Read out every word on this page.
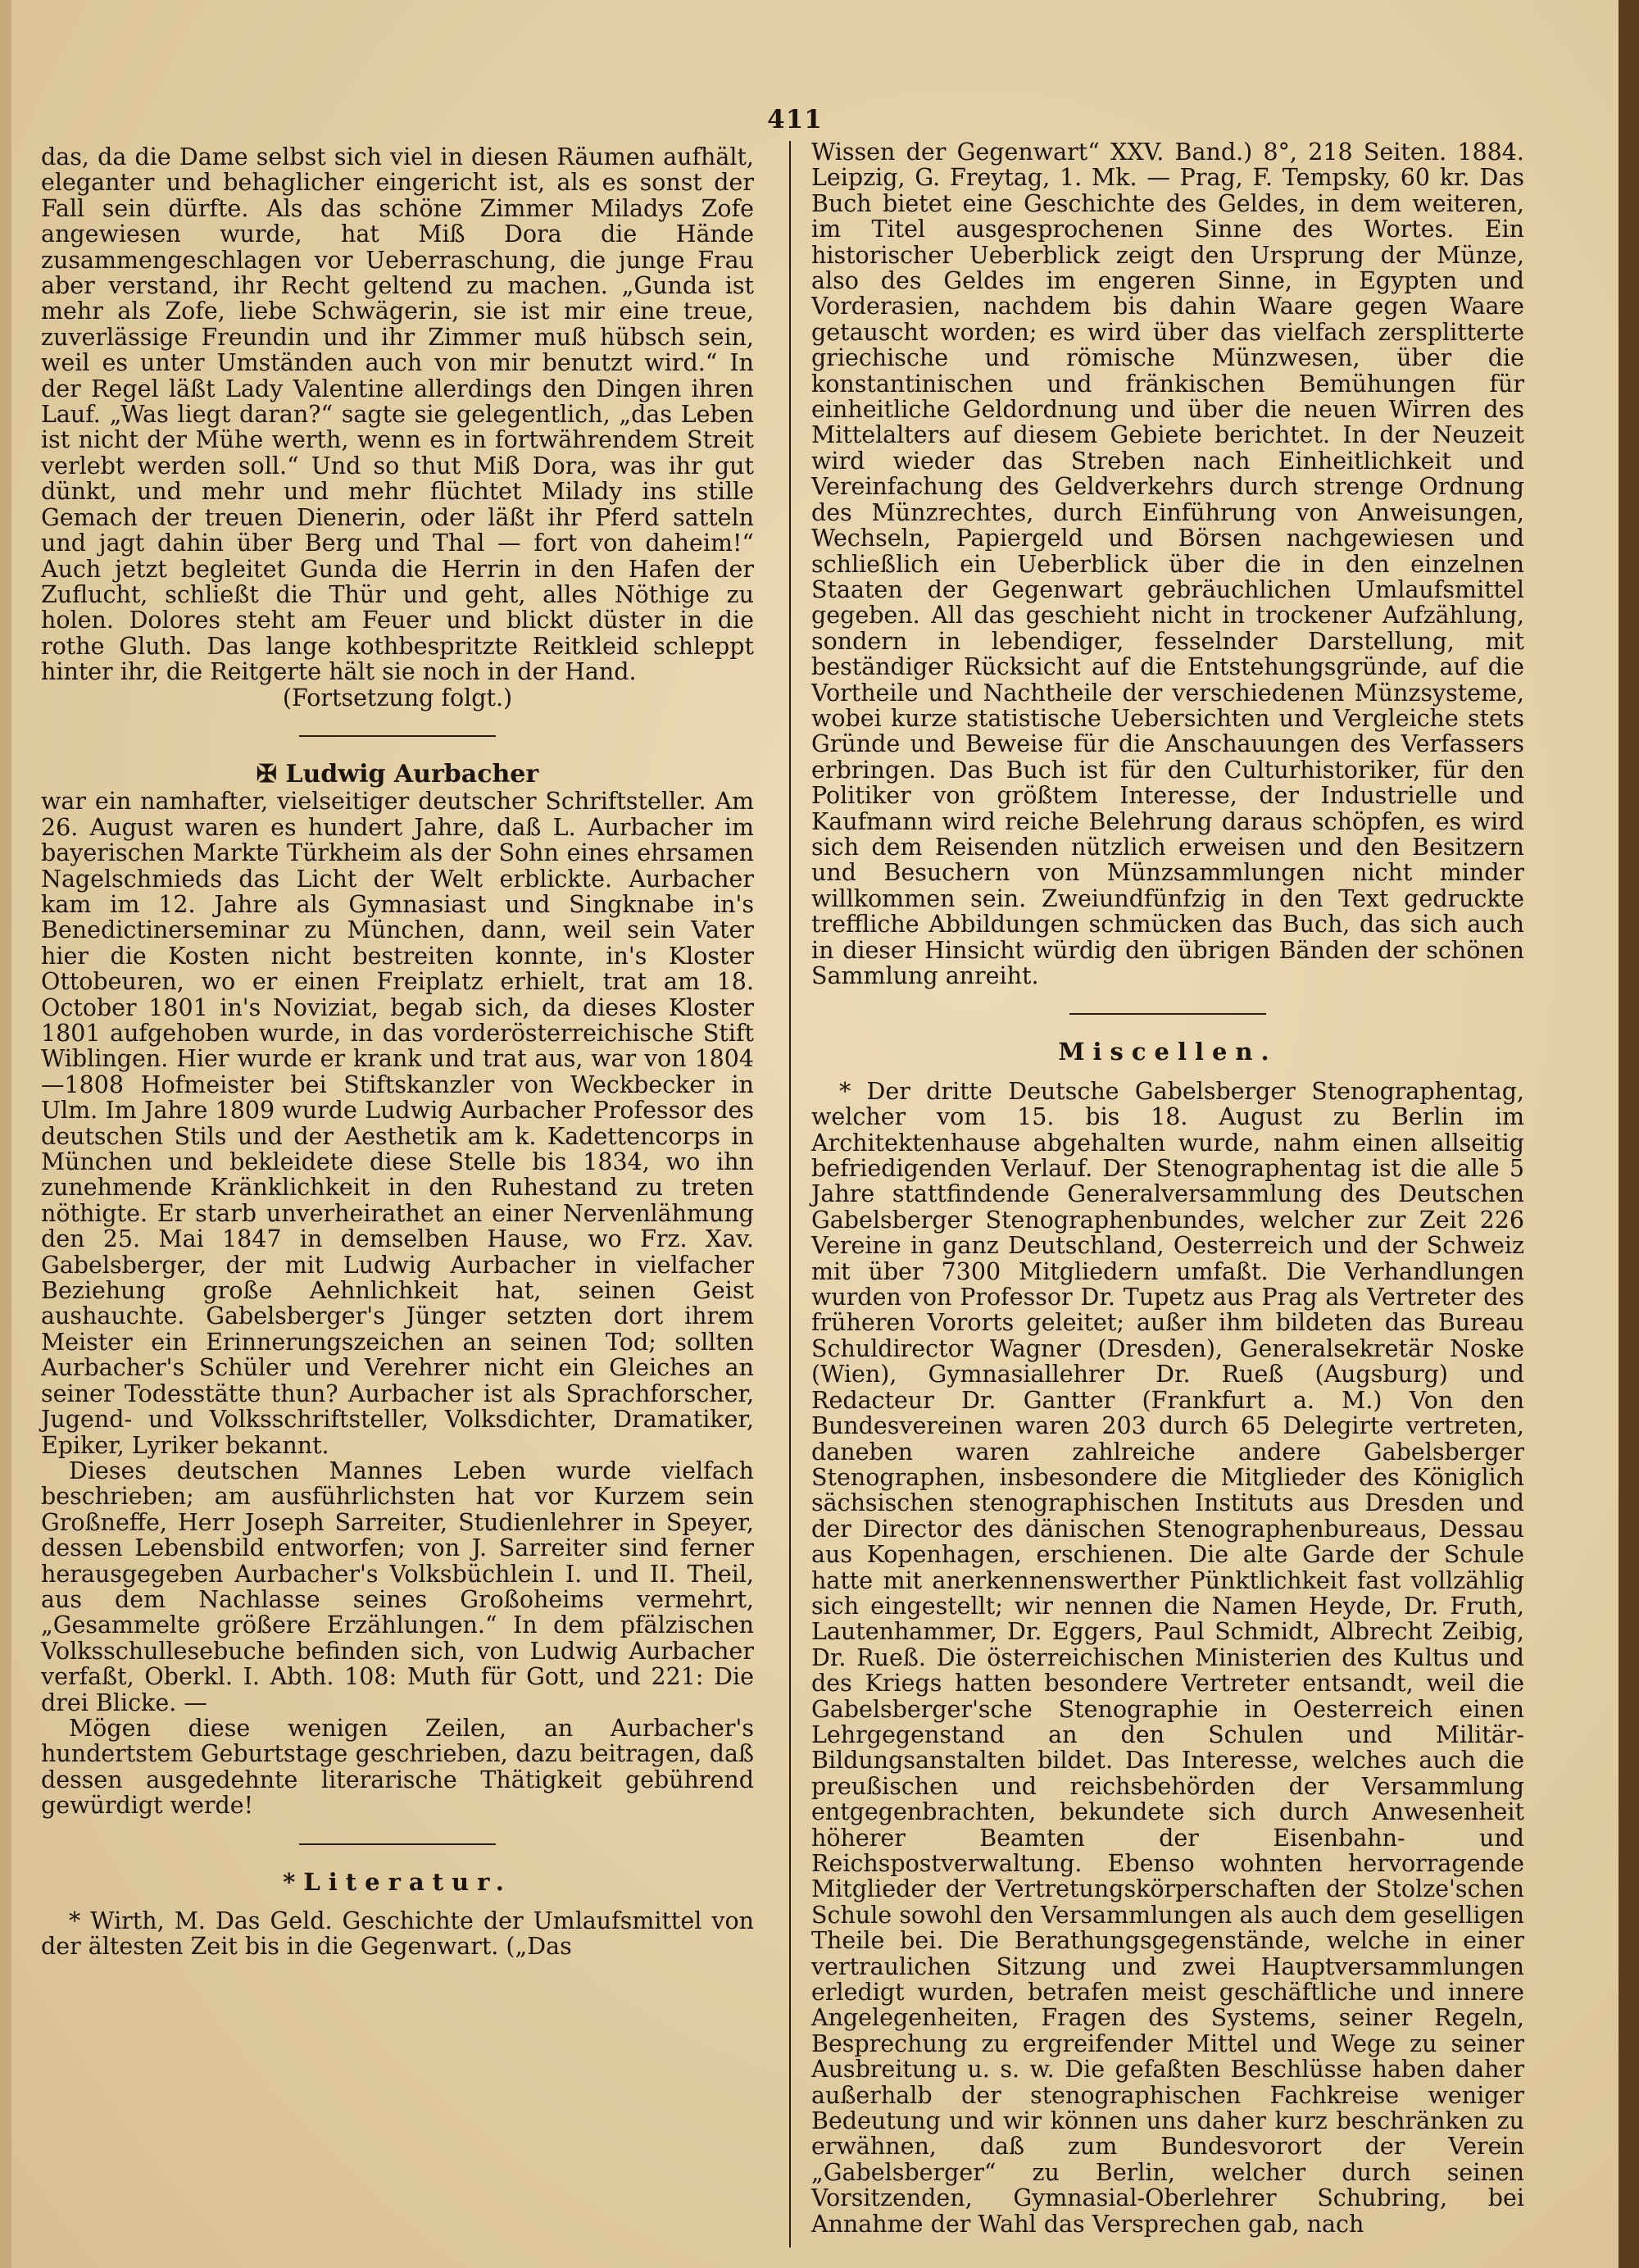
411

das, da die Dame selbst sich viel in diesen Räumen aufhält, eleganter und behaglicher eingericht ist, als es sonst der Fall sein dürfte. Als das schöne Zimmer Miladys Zofe angewiesen wurde, hat Miß Dora die Hände zusammengeschlagen vor Ueberraschung, die junge Frau aber verstand, ihr Recht geltend zu machen. „Gunda ist mehr als Zofe, liebe Schwägerin, sie ist mir eine treue, zuverlässige Freundin und ihr Zimmer muß hübsch sein, weil es unter Umständen auch von mir benutzt wird.“ In der Regel läßt Lady Valentine allerdings den Dingen ihren Lauf. „Was liegt daran?“ sagte sie gelegentlich, „das Leben ist nicht der Mühe werth, wenn es in fortwährendem Streit verlebt werden soll.“ Und so thut Miß Dora, was ihr gut dünkt, und mehr und mehr flüchtet Milady ins stille Gemach der treuen Dienerin, oder läßt ihr Pferd satteln und jagt dahin über Berg und Thal — fort von daheim!“ Auch jetzt begleitet Gunda die Herrin in den Hafen der Zuflucht, schließt die Thür und geht, alles Nöthige zu holen. Dolores steht am Feuer und blickt düster in die rothe Gluth. Das lange kothbespritzte Reitkleid schleppt hinter ihr, die Reitgerte hält sie noch in der Hand.

(Fortsetzung folgt.)

✠ Ludwig Aurbacher

war ein namhafter, vielseitiger deutscher Schriftsteller. Am 26. August waren es hundert Jahre, daß L. Aurbacher im bayerischen Markte Türkheim als der Sohn eines ehrsamen Nagelschmieds das Licht der Welt erblickte. Aurbacher kam im 12. Jahre als Gymnasiast und Singknabe in's Benedictinerseminar zu München, dann, weil sein Vater hier die Kosten nicht bestreiten konnte, in's Kloster Ottobeuren, wo er einen Freiplatz erhielt, trat am 18. October 1801 in's Noviziat, begab sich, da dieses Kloster 1801 aufgehoben wurde, in das vorderösterreichische Stift Wiblingen. Hier wurde er krank und trat aus, war von 1804—1808 Hofmeister bei Stiftskanzler von Weckbecker in Ulm. Im Jahre 1809 wurde Ludwig Aurbacher Professor des deutschen Stils und der Aesthetik am k. Kadettencorps in München und bekleidete diese Stelle bis 1834, wo ihn zunehmende Kränklichkeit in den Ruhestand zu treten nöthigte. Er starb unverheirathet an einer Nervenlähmung den 25. Mai 1847 in demselben Hause, wo Frz. Xav. Gabelsberger, der mit Ludwig Aurbacher in vielfacher Beziehung große Aehnlichkeit hat, seinen Geist aushauchte. Gabelsberger's Jünger setzten dort ihrem Meister ein Erinnerungszeichen an seinen Tod; sollten Aurbacher's Schüler und Verehrer nicht ein Gleiches an seiner Todesstätte thun? Aurbacher ist als Sprachforscher, Jugend- und Volksschriftsteller, Volksdichter, Dramatiker, Epiker, Lyriker bekannt.

Dieses deutschen Mannes Leben wurde vielfach beschrieben; am ausführlichsten hat vor Kurzem sein Großneffe, Herr Joseph Sarreiter, Studienlehrer in Speyer, dessen Lebensbild entworfen; von J. Sarreiter sind ferner herausgegeben Aurbacher's Volksbüchlein I. und II. Theil, aus dem Nachlasse seines Großoheims vermehrt, „Gesammelte größere Erzählungen.“ In dem pfälzischen Volksschullesebuche befinden sich, von Ludwig Aurbacher verfaßt, Oberkl. I. Abth. 108: Muth für Gott, und 221: Die drei Blicke. —

Mögen diese wenigen Zeilen, an Aurbacher's hundertstem Geburtstage geschrieben, dazu beitragen, daß dessen ausgedehnte literarische Thätigkeit gebührend gewürdigt werde!

*Literatur.

* Wirth, M. Das Geld. Geschichte der Umlaufsmittel von der ältesten Zeit bis in die Gegenwart. („Das

Wissen der Gegenwart“ XXV. Band.) 8°, 218 Seiten. 1884. Leipzig, G. Freytag, 1. Mk. — Prag, F. Tempsky, 60 kr. Das Buch bietet eine Geschichte des Geldes, in dem weiteren, im Titel ausgesprochenen Sinne des Wortes. Ein historischer Ueberblick zeigt den Ursprung der Münze, also des Geldes im engeren Sinne, in Egypten und Vorderasien, nachdem bis dahin Waare gegen Waare getauscht worden; es wird über das vielfach zersplitterte griechische und römische Münzwesen, über die konstantinischen und fränkischen Bemühungen für einheitliche Geldordnung und über die neuen Wirren des Mittelalters auf diesem Gebiete berichtet. In der Neuzeit wird wieder das Streben nach Einheitlichkeit und Vereinfachung des Geldverkehrs durch strenge Ordnung des Münzrechtes, durch Einführung von Anweisungen, Wechseln, Papiergeld und Börsen nachgewiesen und schließlich ein Ueberblick über die in den einzelnen Staaten der Gegenwart gebräuchlichen Umlaufsmittel gegeben. All das geschieht nicht in trockener Aufzählung, sondern in lebendiger, fesselnder Darstellung, mit beständiger Rücksicht auf die Entstehungsgründe, auf die Vortheile und Nachtheile der verschiedenen Münzsysteme, wobei kurze statistische Uebersichten und Vergleiche stets Gründe und Beweise für die Anschauungen des Verfassers erbringen. Das Buch ist für den Culturhistoriker, für den Politiker von größtem Interesse, der Industrielle und Kaufmann wird reiche Belehrung daraus schöpfen, es wird sich dem Reisenden nützlich erweisen und den Besitzern und Besuchern von Münzsammlungen nicht minder willkommen sein. Zweiundfünfzig in den Text gedruckte treffliche Abbildungen schmücken das Buch, das sich auch in dieser Hinsicht würdig den übrigen Bänden der schönen Sammlung anreiht.

Miscellen.

* Der dritte Deutsche Gabelsberger Stenographentag, welcher vom 15. bis 18. August zu Berlin im Architektenhause abgehalten wurde, nahm einen allseitig befriedigenden Verlauf. Der Stenographentag ist die alle 5 Jahre stattfindende Generalversammlung des Deutschen Gabelsberger Stenographenbundes, welcher zur Zeit 226 Vereine in ganz Deutschland, Oesterreich und der Schweiz mit über 7300 Mitgliedern umfaßt. Die Verhandlungen wurden von Professor Dr. Tupetz aus Prag als Vertreter des früheren Vororts geleitet; außer ihm bildeten das Bureau Schuldirector Wagner (Dresden), Generalsekretär Noske (Wien), Gymnasiallehrer Dr. Rueß (Augsburg) und Redacteur Dr. Gantter (Frankfurt a. M.) Von den Bundesvereinen waren 203 durch 65 Delegirte vertreten, daneben waren zahlreiche andere Gabelsberger Stenographen, insbesondere die Mitglieder des Königlich sächsischen stenographischen Instituts aus Dresden und der Director des dänischen Stenographenbureaus, Dessau aus Kopenhagen, erschienen. Die alte Garde der Schule hatte mit anerkennenswerther Pünktlichkeit fast vollzählig sich eingestellt; wir nennen die Namen Heyde, Dr. Fruth, Lautenhammer, Dr. Eggers, Paul Schmidt, Albrecht Zeibig, Dr. Rueß. Die österreichischen Ministerien des Kultus und des Kriegs hatten besondere Vertreter entsandt, weil die Gabelsberger'sche Stenographie in Oesterreich einen Lehrgegenstand an den Schulen und Militär-Bildungsanstalten bildet. Das Interesse, welches auch die preußischen und reichsbehörden der Versammlung entgegenbrachten, bekundete sich durch Anwesenheit höherer Beamten der Eisenbahn- und Reichspostverwaltung. Ebenso wohnten hervorragende Mitglieder der Vertretungskörperschaften der Stolze'schen Schule sowohl den Versammlungen als auch dem geselligen Theile bei. Die Berathungsgegenstände, welche in einer vertraulichen Sitzung und zwei Hauptversammlungen erledigt wurden, betrafen meist geschäftliche und innere Angelegenheiten, Fragen des Systems, seiner Regeln, Besprechung zu ergreifender Mittel und Wege zu seiner Ausbreitung u. s. w. Die gefaßten Beschlüsse haben daher außerhalb der stenographischen Fachkreise weniger Bedeutung und wir können uns daher kurz beschränken zu erwähnen, daß zum Bundesvorort der Verein „Gabelsberger“ zu Berlin, welcher durch seinen Vorsitzenden, Gymnasial-Oberlehrer Schubring, bei Annahme der Wahl das Versprechen gab, nach
